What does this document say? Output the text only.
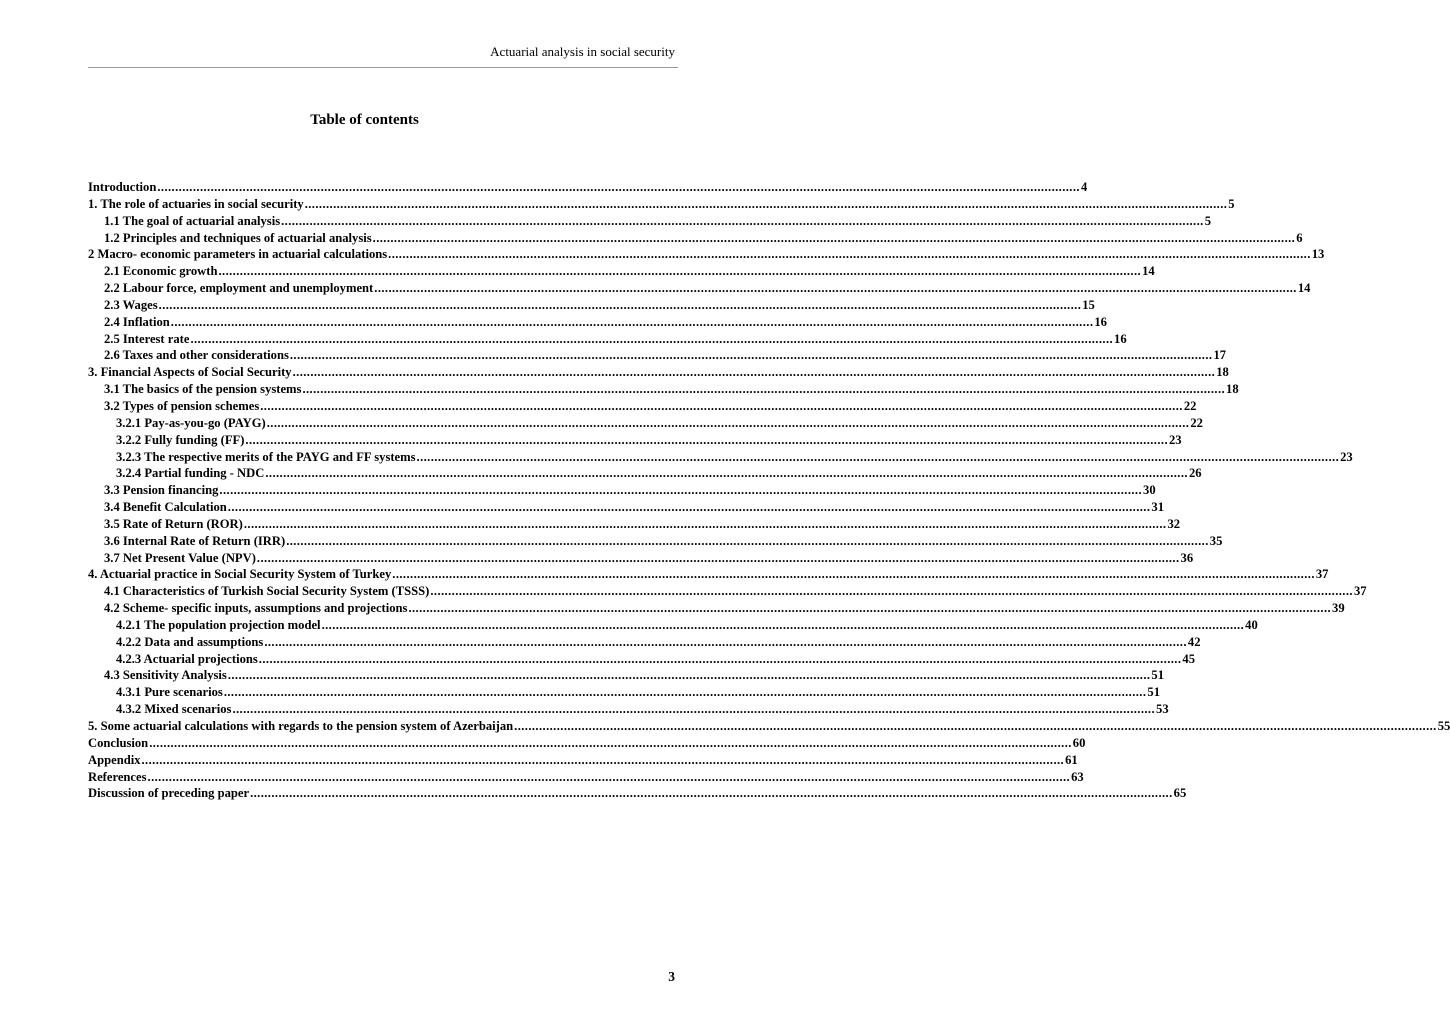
Actuarial analysis in social security
Table of contents
Introduction .................................................................................................................................................................................................................................................................... 4
1. The role of actuaries in social security .................................................................................................................................................................................................................................................................... 5
1.1 The goal of actuarial analysis .................................................................................................................................................................................................................................................................... 5
1.2 Principles and techniques of actuarial analysis .................................................................................................................................................................................................................................................................... 6
2 Macro- economic parameters in actuarial calculations .................................................................................................................................................................................................................................................................... 13
2.1 Economic growth .................................................................................................................................................................................................................................................................... 14
2.2 Labour force, employment and unemployment .................................................................................................................................................................................................................................................................... 14
2.3 Wages .................................................................................................................................................................................................................................................................... 15
2.4 Inflation .................................................................................................................................................................................................................................................................... 16
2.5 Interest rate .................................................................................................................................................................................................................................................................... 16
2.6 Taxes and other considerations .................................................................................................................................................................................................................................................................... 17
3. Financial Aspects of Social Security .................................................................................................................................................................................................................................................................... 18
3.1 The basics of the pension systems .................................................................................................................................................................................................................................................................... 18
3.2 Types of pension schemes .................................................................................................................................................................................................................................................................... 22
3.2.1 Pay-as-you-go (PAYG) .................................................................................................................................................................................................................................................................... 22
3.2.2 Fully funding (FF) .................................................................................................................................................................................................................................................................... 23
3.2.3 The respective merits of the PAYG and FF systems .................................................................................................................................................................................................................................................................... 23
3.2.4 Partial funding - NDC .................................................................................................................................................................................................................................................................... 26
3.3 Pension financing .................................................................................................................................................................................................................................................................... 30
3.4 Benefit Calculation .................................................................................................................................................................................................................................................................... 31
3.5 Rate of Return (ROR) .................................................................................................................................................................................................................................................................... 32
3.6 Internal Rate of Return (IRR) .................................................................................................................................................................................................................................................................... 35
3.7 Net Present Value (NPV) .................................................................................................................................................................................................................................................................... 36
4. Actuarial practice in Social Security System of Turkey .................................................................................................................................................................................................................................................................... 37
4.1 Characteristics of Turkish Social Security System (TSSS) .................................................................................................................................................................................................................................................................... 37
4.2 Scheme- specific inputs, assumptions and projections .................................................................................................................................................................................................................................................................... 39
4.2.1 The population projection model .................................................................................................................................................................................................................................................................... 40
4.2.2 Data and assumptions .................................................................................................................................................................................................................................................................... 42
4.2.3 Actuarial projections .................................................................................................................................................................................................................................................................... 45
4.3 Sensitivity Analysis .................................................................................................................................................................................................................................................................... 51
4.3.1 Pure scenarios .................................................................................................................................................................................................................................................................... 51
4.3.2 Mixed scenarios .................................................................................................................................................................................................................................................................... 53
5. Some actuarial calculations with regards to the pension system of Azerbaijan .................................................................................................................................................................................................................................................................... 55
Conclusion .................................................................................................................................................................................................................................................................... 60
Appendix .................................................................................................................................................................................................................................................................... 61
References .................................................................................................................................................................................................................................................................... 63
Discussion of preceding paper .................................................................................................................................................................................................................................................................... 65
3
